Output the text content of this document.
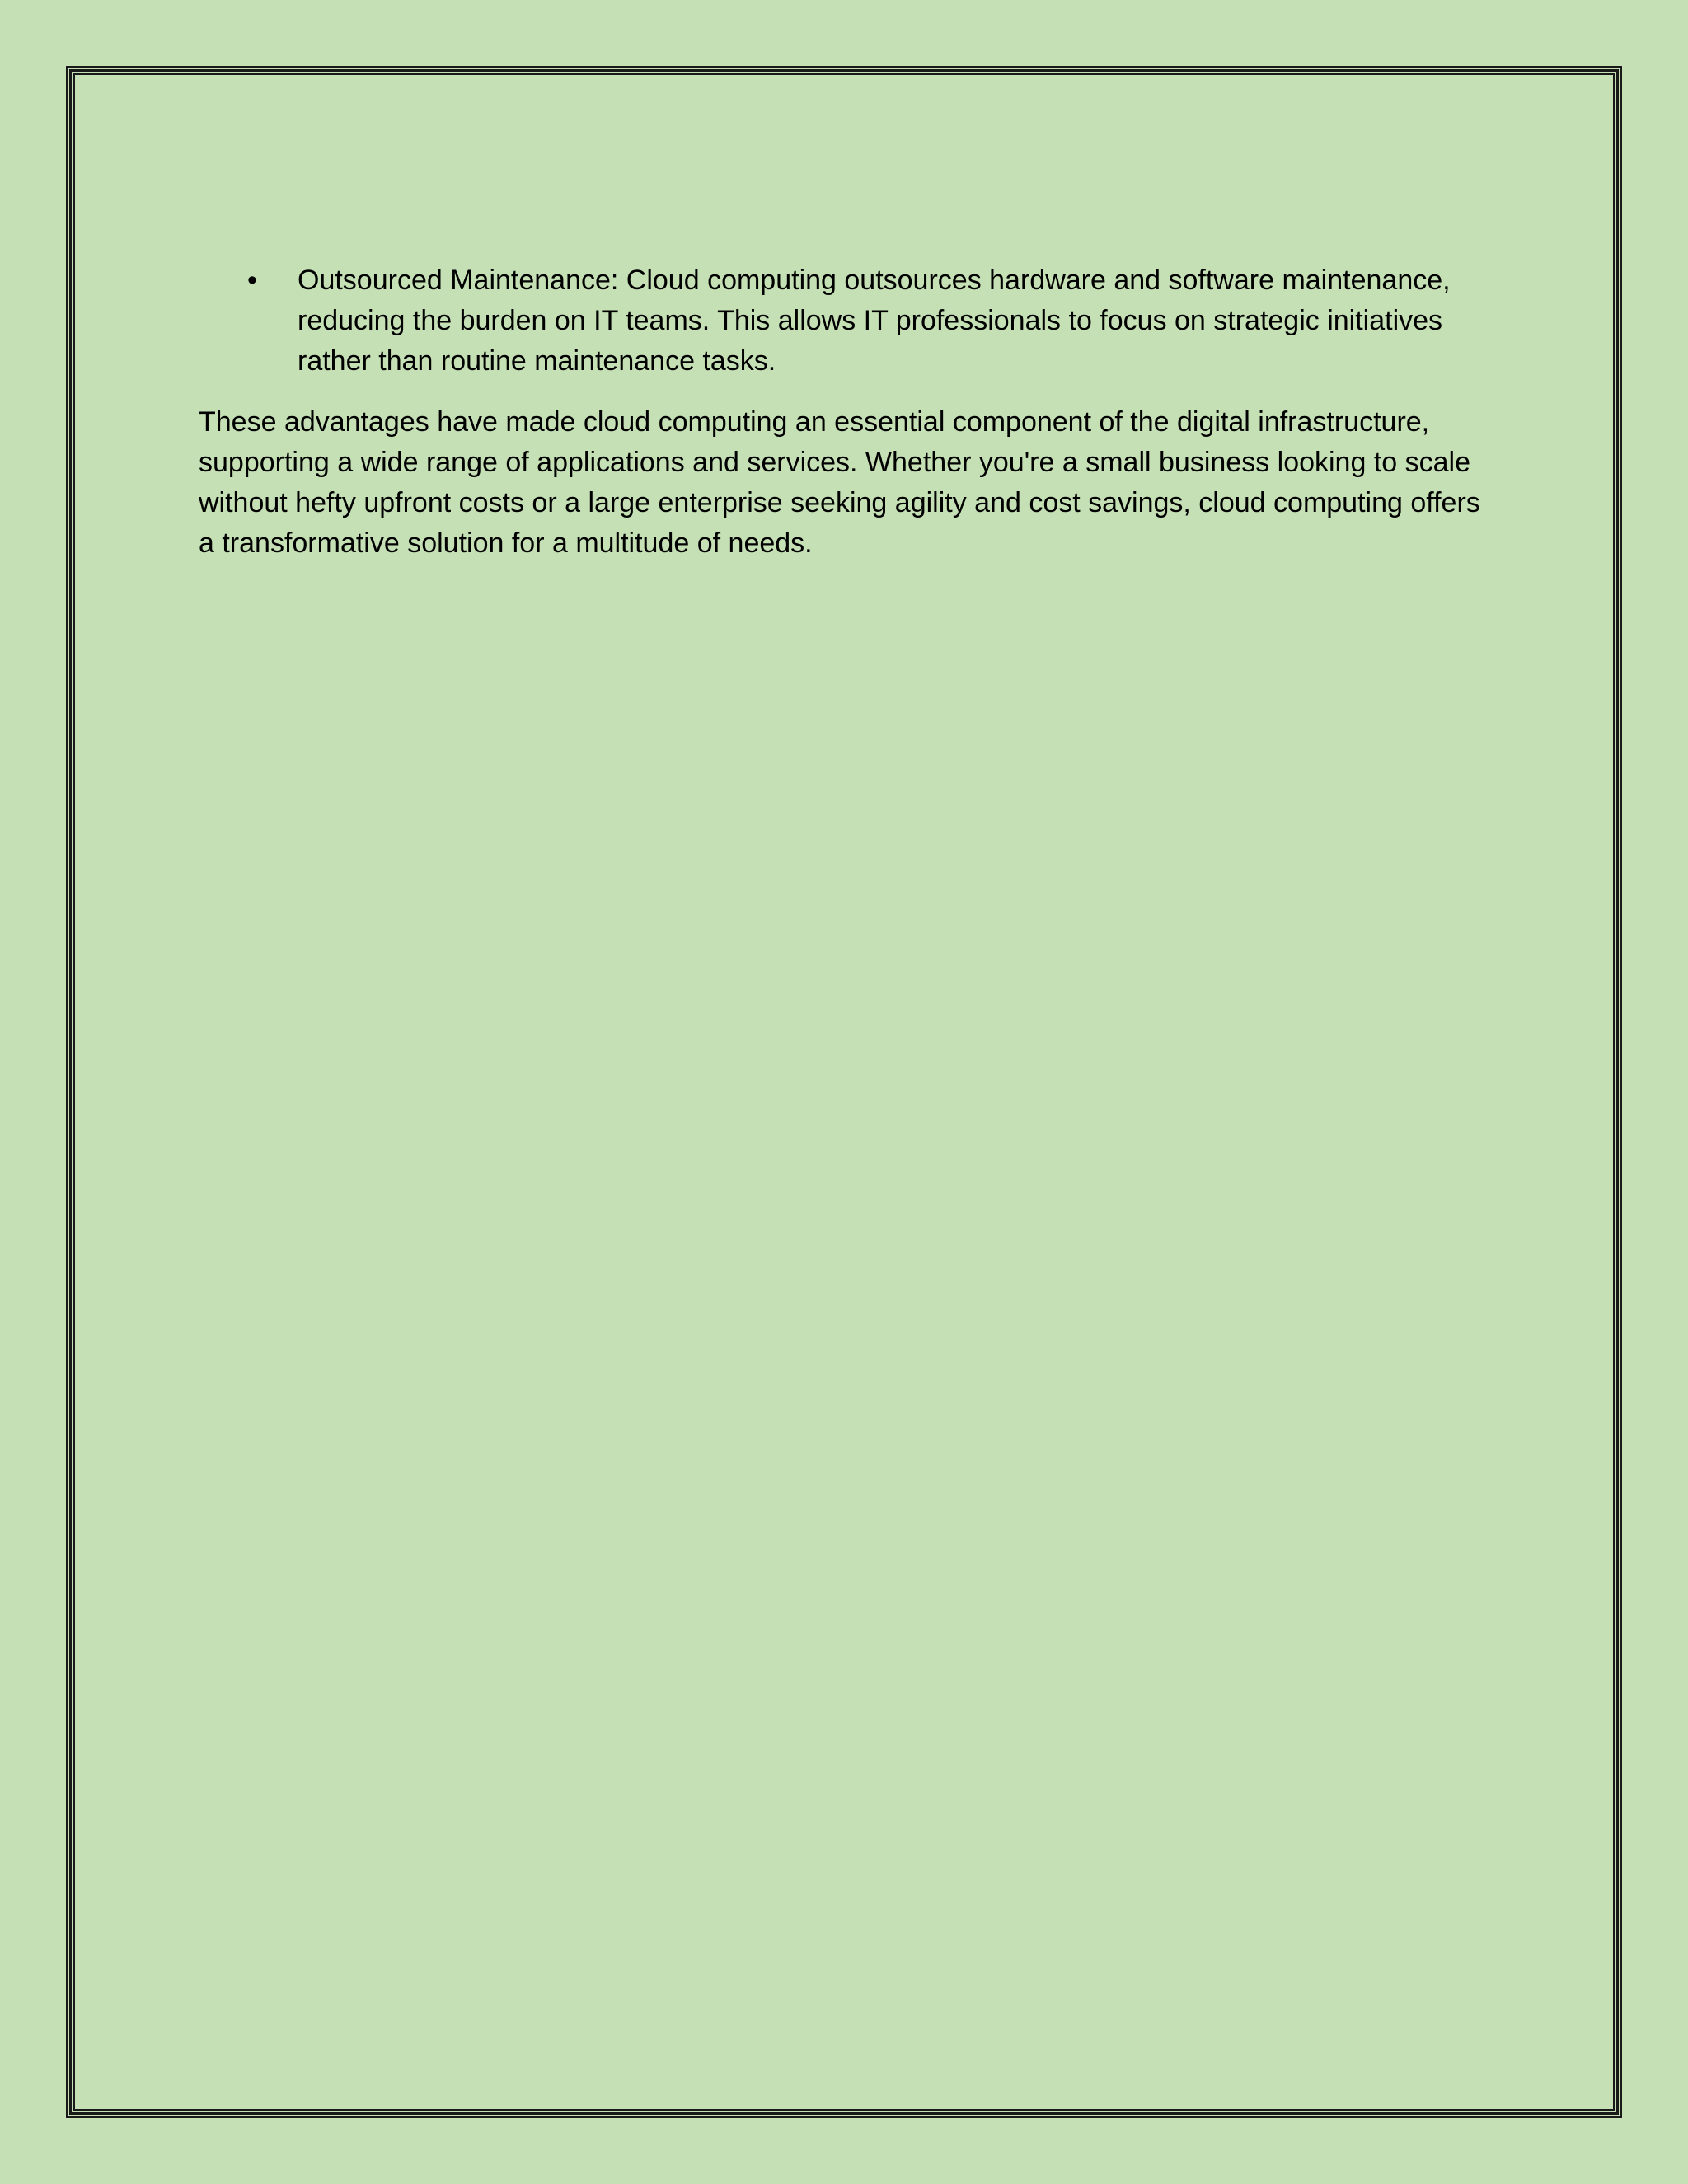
• Outsourced Maintenance: Cloud computing outsources hardware and software maintenance, reducing the burden on IT teams. This allows IT professionals to focus on strategic initiatives rather than routine maintenance tasks.

These advantages have made cloud computing an essential component of the digital infrastructure, supporting a wide range of applications and services. Whether you're a small business looking to scale without hefty upfront costs or a large enterprise seeking agility and cost savings, cloud computing offers a transformative solution for a multitude of needs.
